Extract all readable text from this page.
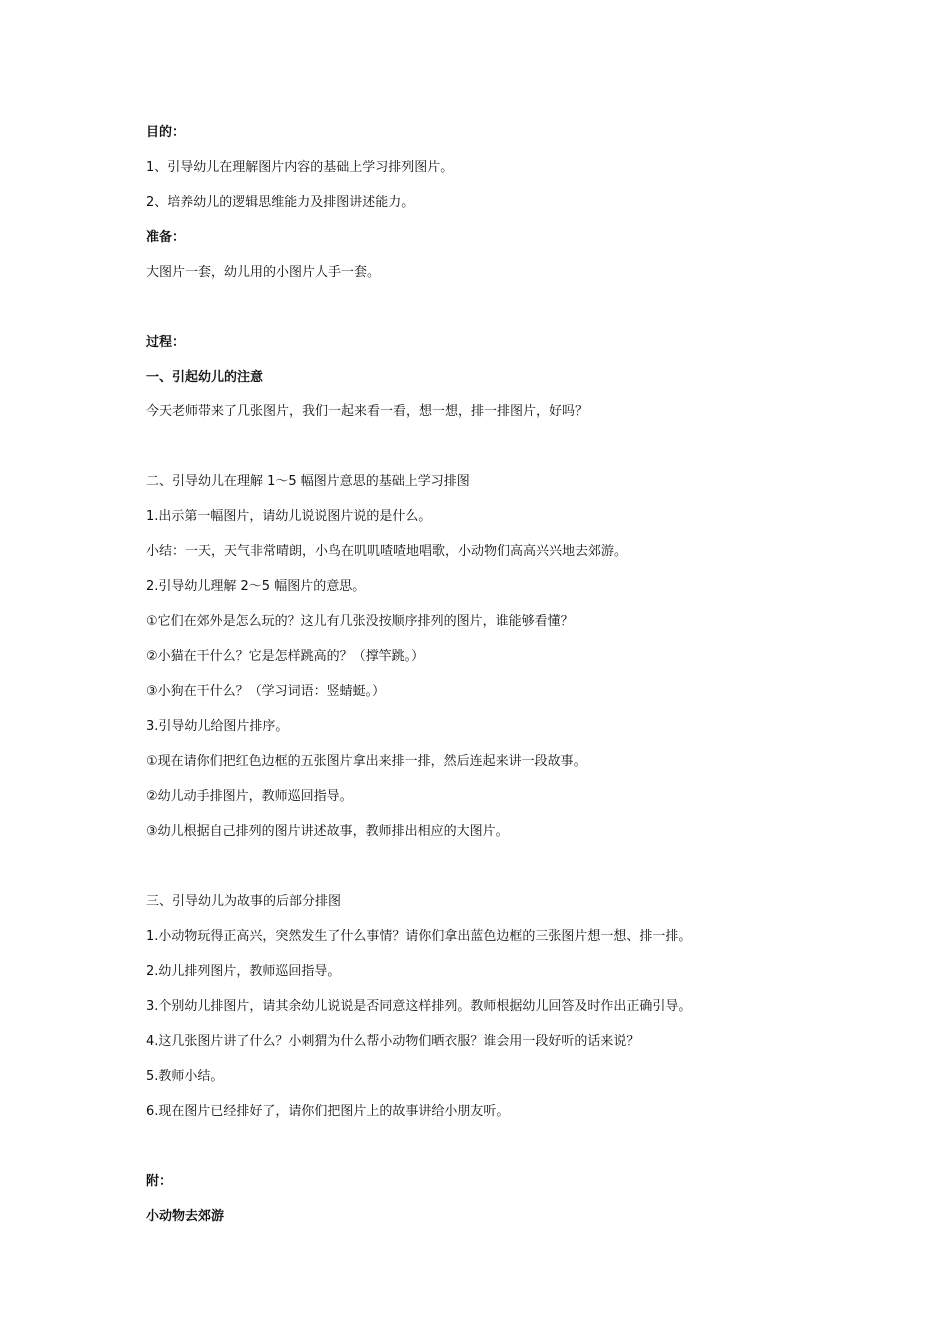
目的：
1、引导幼儿在理解图片内容的基础上学习排列图片。
2、培养幼儿的逻辑思维能力及排图讲述能力。
准备：
大图片一套，幼儿用的小图片人手一套。
过程：
一、引起幼儿的注意
今天老师带来了几张图片，我们一起来看一看，想一想，排一排图片，好吗？
二、引导幼儿在理解 1～5 幅图片意思的基础上学习排图
1.出示第一幅图片，请幼儿说说图片说的是什么。
小结：一天，天气非常晴朗，小鸟在叽叽喳喳地唱歌，小动物们高高兴兴地去郊游。
2.引导幼儿理解 2～5 幅图片的意思。
①它们在郊外是怎么玩的？这儿有几张没按顺序排列的图片，谁能够看懂？
②小猫在干什么？它是怎样跳高的？（撑竿跳。）
③小狗在干什么？（学习词语：竖蜻蜓。）
3.引导幼儿给图片排序。
①现在请你们把红色边框的五张图片拿出来排一排，然后连起来讲一段故事。
②幼儿动手排图片，教师巡回指导。
③幼儿根据自己排列的图片讲述故事，教师排出相应的大图片。
三、引导幼儿为故事的后部分排图
1.小动物玩得正高兴，突然发生了什么事情？请你们拿出蓝色边框的三张图片想一想、排一排。
2.幼儿排列图片，教师巡回指导。
3.个别幼儿排图片，请其余幼儿说说是否同意这样排列。教师根据幼儿回答及时作出正确引导。
4.这几张图片讲了什么？小刺猬为什么帮小动物们晒衣服？谁会用一段好听的话来说？
5.教师小结。
6.现在图片已经排好了，请你们把图片上的故事讲给小朋友听。
附：
小动物去郊游
